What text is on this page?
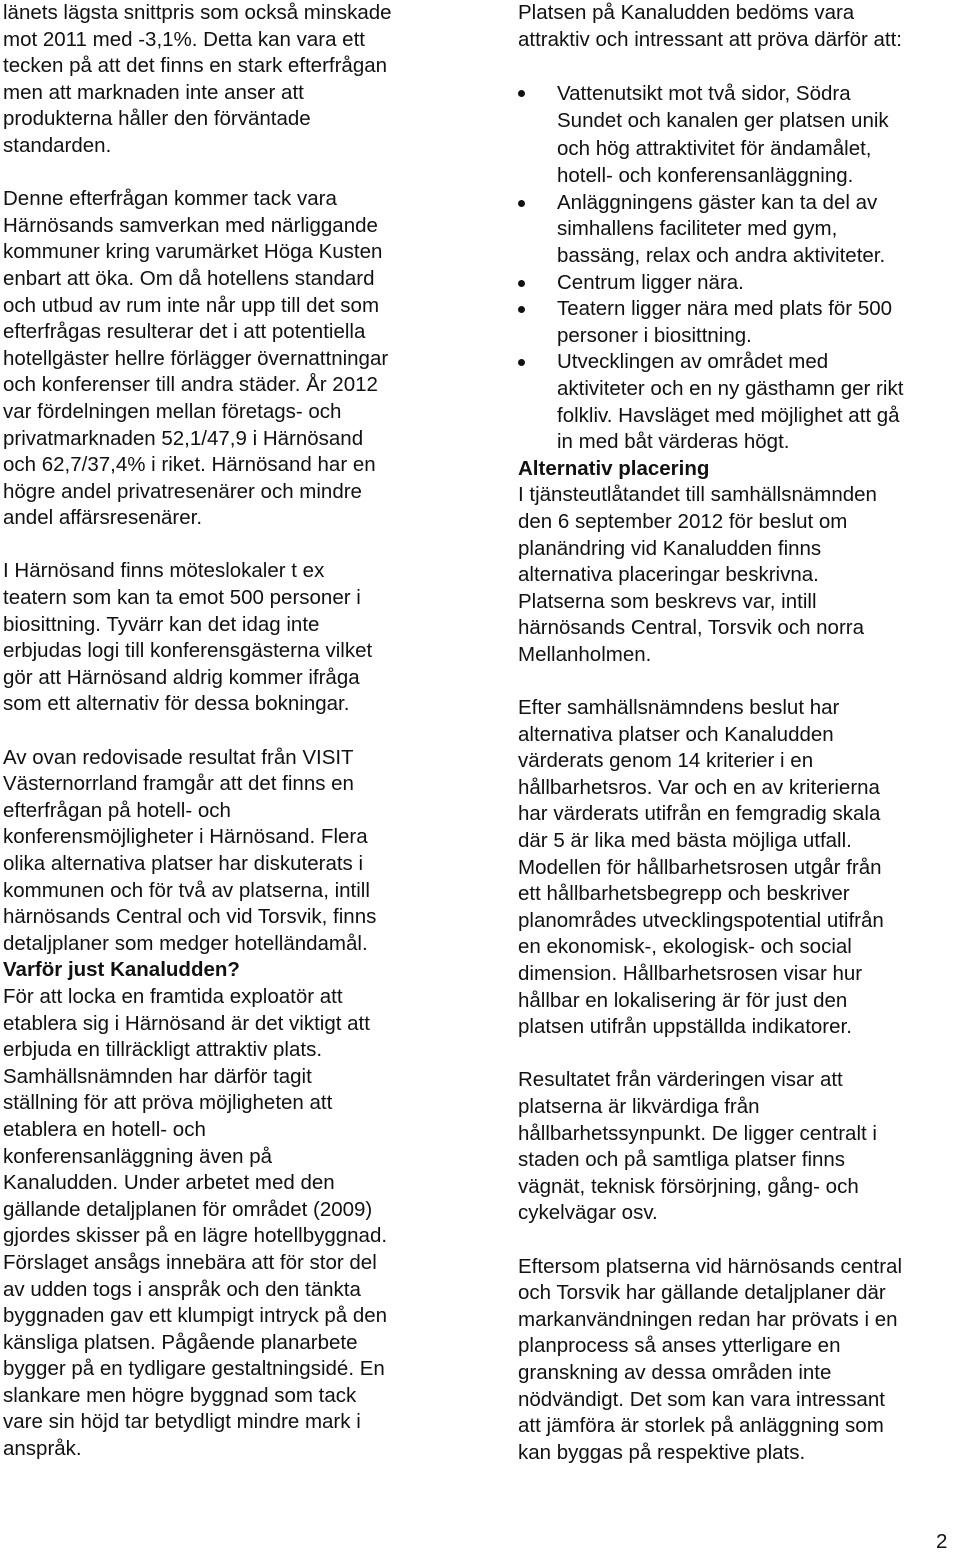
länets lägsta snittpris som också minskade
mot 2011 med -3,1%. Detta kan vara ett
tecken på att det finns en stark efterfrågan
men att marknaden inte anser att
produkterna håller den förväntade
standarden.

Denne efterfrågan kommer tack vara
Härnösands samverkan med närliggande
kommuner kring varumärket Höga Kusten
enbart att öka. Om då hotellens standard
och utbud av rum inte når upp till det som
efterfrågas resulterar det i att potentiella
hotellgäster hellre förlägger övernattningar
och konferenser till andra städer. År 2012
var fördelningen mellan företags- och
privatmarknaden 52,1/47,9 i Härnösand
och 62,7/37,4% i riket. Härnösand har en
högre andel privatresenärer och mindre
andel affärsresenärer.

I Härnösand finns möteslokaler t ex
teatern som kan ta emot 500 personer i
biosittning. Tyvärr kan det idag inte
erbjudas logi till konferensgästerna vilket
gör att Härnösand aldrig kommer ifråga
som ett alternativ för dessa bokningar.

Av ovan redovisade resultat från VISIT
Västernorrland framgår att det finns en
efterfrågan på hotell- och
konferensmöjligheter i Härnösand. Flera
olika alternativa platser har diskuterats i
kommunen och för två av platserna, intill
härnösands Central och vid Torsvik, finns
detaljplaner som medger hotelländamål.

Varför just Kanaludden?

För att locka en framtida exploatör att
etablera sig i Härnösand är det viktigt att
erbjuda en tillräckligt attraktiv plats.
Samhällsnämnden har därför tagit
ställning för att pröva möjligheten att
etablera en hotell- och
konferensanläggning även på
Kanaludden. Under arbetet med den
gällande detaljplanen för området (2009)
gjordes skisser på en lägre hotellbyggnad.
Förslaget ansågs innebära att för stor del
av udden togs i anspråk och den tänkta
byggnaden gav ett klumpigt intryck på den
känsliga platsen. Pågående planarbete
bygger på en tydligare gestaltningsidé. En
slankare men högre byggnad som tack
vare sin höjd tar betydligt mindre mark i
anspråk.

Platsen på Kanaludden bedöms vara
attraktiv och intressant att pröva därför att:

Vattenutsikt mot två sidor, Södra
Sundet och kanalen ger platsen unik
och hög attraktivitet för ändamålet,
hotell- och konferensanläggning.
Anläggningens gäster kan ta del av
simhallens faciliteter med gym,
bassäng, relax och andra aktiviteter.
Centrum ligger nära.
Teatern ligger nära med plats för 500
personer i biosittning.
Utvecklingen av området med
aktiviteter och en ny gästhamn ger rikt
folkliv. Havsläget med möjlighet att gå
in med båt värderas högt.

Alternativ placering

I tjänsteutlåtandet till samhällsnämnden
den 6 september 2012 för beslut om
planändring vid Kanaludden finns
alternativa placeringar beskrivna.
Platserna som beskrevs var, intill
härnösands Central, Torsvik och norra
Mellanholmen.

Efter samhällsnämndens beslut har
alternativa platser och Kanaludden
värderats genom 14 kriterier i en
hållbarhetsros. Var och en av kriterierna
har värderats utifrån en femgradig skala
där 5 är lika med bästa möjliga utfall.
Modellen för hållbarhetsrosen utgår från
ett hållbarhetsbegrepp och beskriver
planområdes utvecklingspotential utifrån
en ekonomisk-, ekologisk- och social
dimension. Hållbarhetsrosen visar hur
hållbar en lokalisering är för just den
platsen utifrån uppställda indikatorer.

Resultatet från värderingen visar att
platserna är likvärdiga från
hållbarhetssynpunkt. De ligger centralt i
staden och på samtliga platser finns
vägnät, teknisk försörjning, gång- och
cykelvägar osv.

Eftersom platserna vid härnösands central
och Torsvik har gällande detaljplaner där
markanvändningen redan har prövats i en
planprocess så anses ytterligare en
granskning av dessa områden inte
nödvändigt. Det som kan vara intressant
att jämföra är storlek på anläggning som
kan byggas på respektive plats.

2
